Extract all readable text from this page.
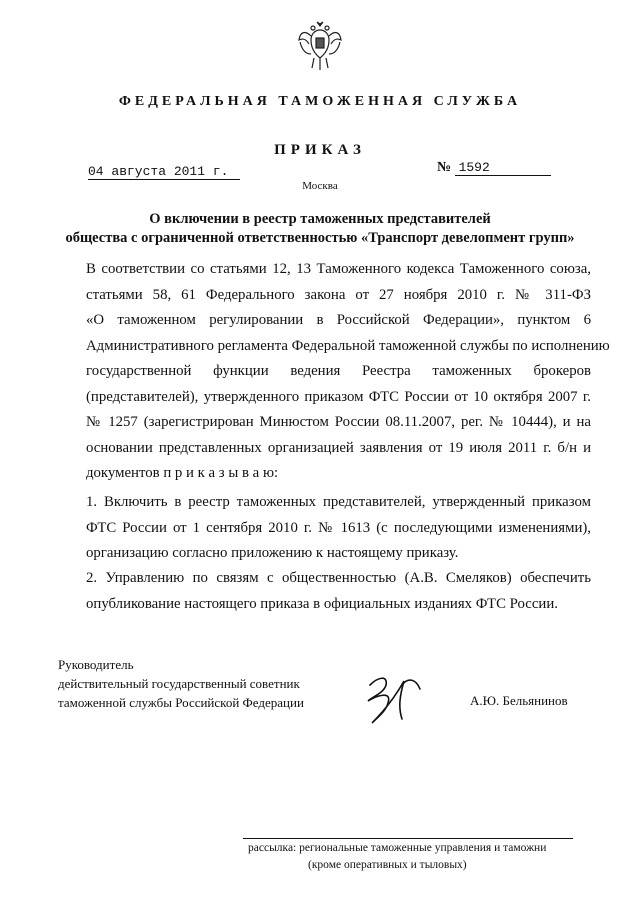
ФЕДЕРАЛЬНАЯ ТАМОЖЕННАЯ СЛУЖБА
ПРИКАЗ
04 августа 2011 г.	№ 1592
Москва
О включении в реестр таможенных представителей
общества с ограниченной ответственностью «Транспорт девелопмент групп»
В соответствии со статьями 12, 13 Таможенного кодекса Таможенного союза,
статьями 58, 61 Федерального закона от 27 ноября 2010 г. № 311-ФЗ
«О таможенном регулировании в Российской Федерации», пунктом 6
Административного регламента Федеральной таможенной службы по исполнению
государственной функции ведения Реестра таможенных брокеров
(представителей), утвержденного приказом ФТС России от 10 октября 2007 г.
№ 1257 (зарегистрирован Минюстом России 08.11.2007, рег. № 10444), и на
основании представленных организацией заявления от 19 июля 2011 г. б/н и
документов п р и к а з ы в а ю:
1. Включить в реестр таможенных представителей, утвержденный приказом
ФТС России от 1 сентября 2010 г. № 1613 (с последующими изменениями),
организацию согласно приложению к настоящему приказу.
2. Управлению по связям с общественностью (А.В. Смеляков) обеспечить
опубликование настоящего приказа в официальных изданиях ФТС России.
Руководитель
действительный государственный советник
таможенной службы Российской Федерации	А.Ю. Бельянинов
рассылка: региональные таможенные управления и таможни
(кроме оперативных и тыловых)
